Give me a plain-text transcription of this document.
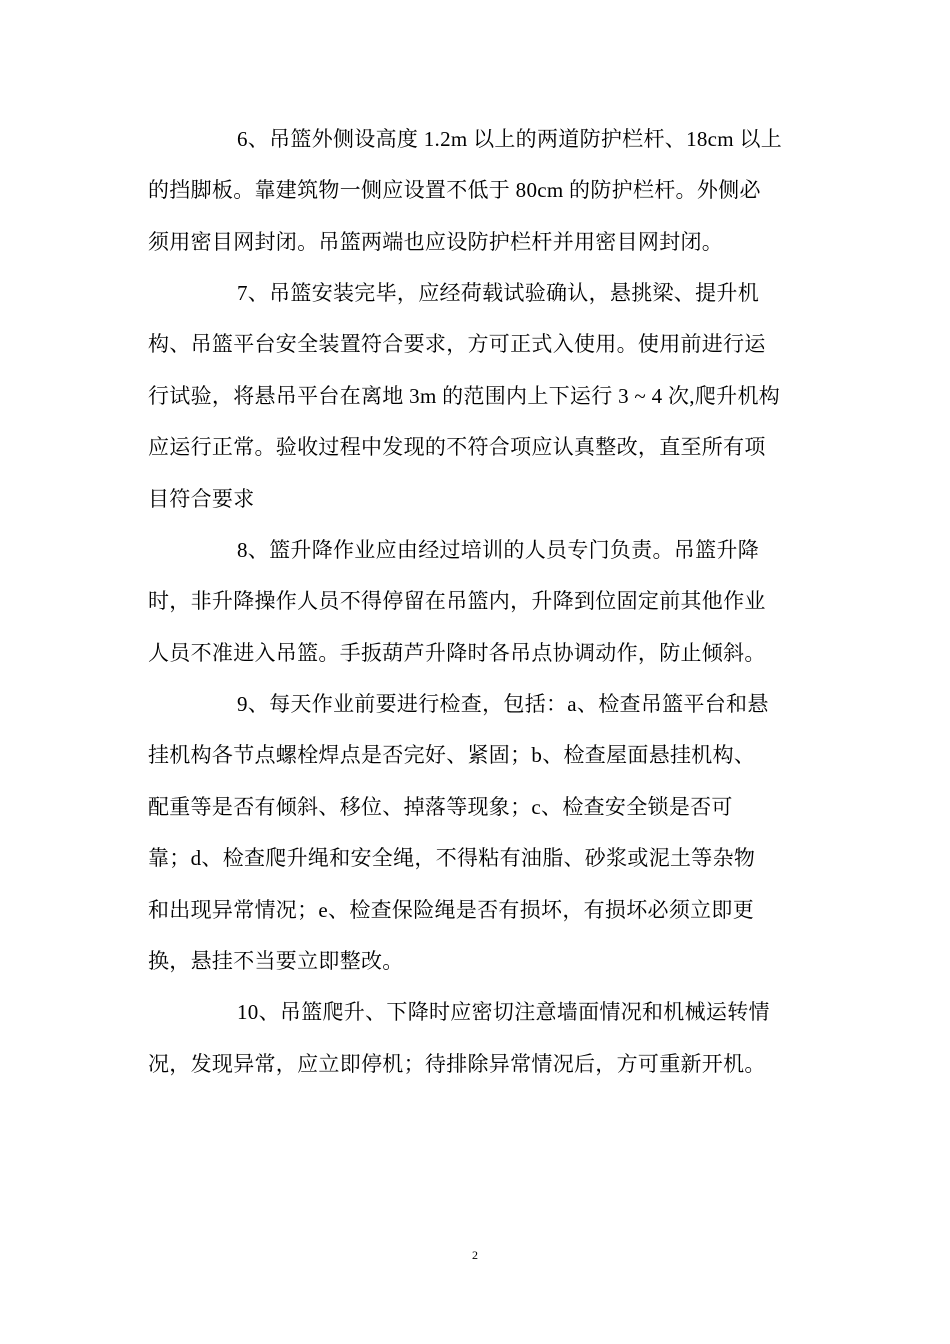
6、吊篮外侧设高度 1.2m 以上的两道防护栏杆、18cm 以上
的挡脚板。靠建筑物一侧应设置不低于 80cm 的防护栏杆。外侧必
须用密目网封闭。吊篮两端也应设防护栏杆并用密目网封闭。
7、吊篮安装完毕，应经荷载试验确认，悬挑梁、提升机
构、吊篮平台安全装置符合要求，方可正式入使用。使用前进行运
行试验，将悬吊平台在离地 3m 的范围内上下运行 3 ~ 4 次,爬升机构
应运行正常。验收过程中发现的不符合项应认真整改，直至所有项
目符合要求
8、篮升降作业应由经过培训的人员专门负责。吊篮升降
时，非升降操作人员不得停留在吊篮内，升降到位固定前其他作业
人员不准进入吊篮。手扳葫芦升降时各吊点协调动作，防止倾斜。
9、每天作业前要进行检查，包括：a、检查吊篮平台和悬
挂机构各节点螺栓焊点是否完好、紧固；b、检查屋面悬挂机构、
配重等是否有倾斜、移位、掉落等现象；c、检查安全锁是否可
靠；d、检查爬升绳和安全绳，不得粘有油脂、砂浆或泥土等杂物
和出现异常情况；e、检查保险绳是否有损坏，有损坏必须立即更
换，悬挂不当要立即整改。
10、吊篮爬升、下降时应密切注意墙面情况和机械运转情
况，发现异常，应立即停机；待排除异常情况后，方可重新开机。
2
